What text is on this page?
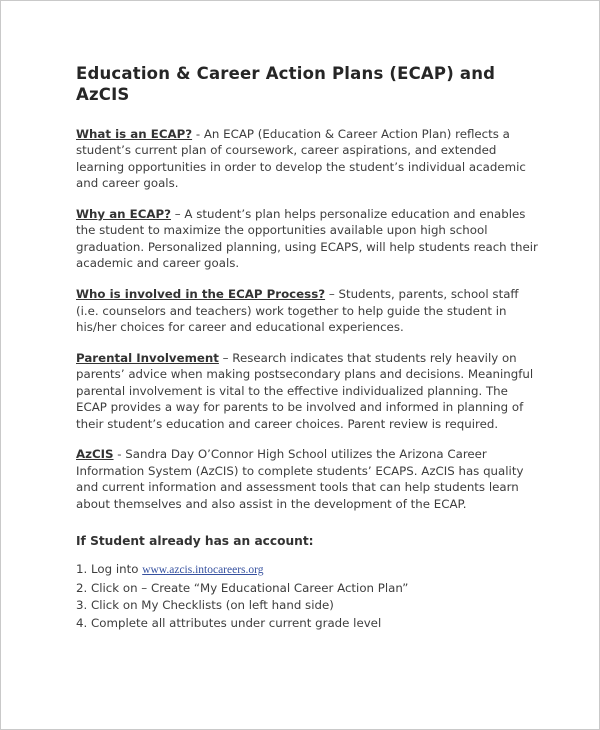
Education & Career Action Plans (ECAP) and AzCIS

What is an ECAP? - An ECAP (Education & Career Action Plan) reflects a student’s current plan of coursework, career aspirations, and extended learning opportunities in order to develop the student’s individual academic and career goals.

Why an ECAP? – A student’s plan helps personalize education and enables the student to maximize the opportunities available upon high school graduation. Personalized planning, using ECAPS, will help students reach their academic and career goals.

Who is involved in the ECAP Process? – Students, parents, school staff (i.e. counselors and teachers) work together to help guide the student in his/her choices for career and educational experiences.

Parental Involvement – Research indicates that students rely heavily on parents’ advice when making postsecondary plans and decisions. Meaningful parental involvement is vital to the effective individualized planning. The ECAP provides a way for parents to be involved and informed in planning of their student’s education and career choices. Parent review is required.

AzCIS - Sandra Day O’Connor High School utilizes the Arizona Career Information System (AzCIS) to complete students’ ECAPS. AzCIS has quality and current information and assessment tools that can help students learn about themselves and also assist in the development of the ECAP.

If Student already has an account:
1. Log into www.azcis.intocareers.org
2. Click on – Create “My Educational Career Action Plan”
3. Click on My Checklists (on left hand side)
4. Complete all attributes under current grade level
